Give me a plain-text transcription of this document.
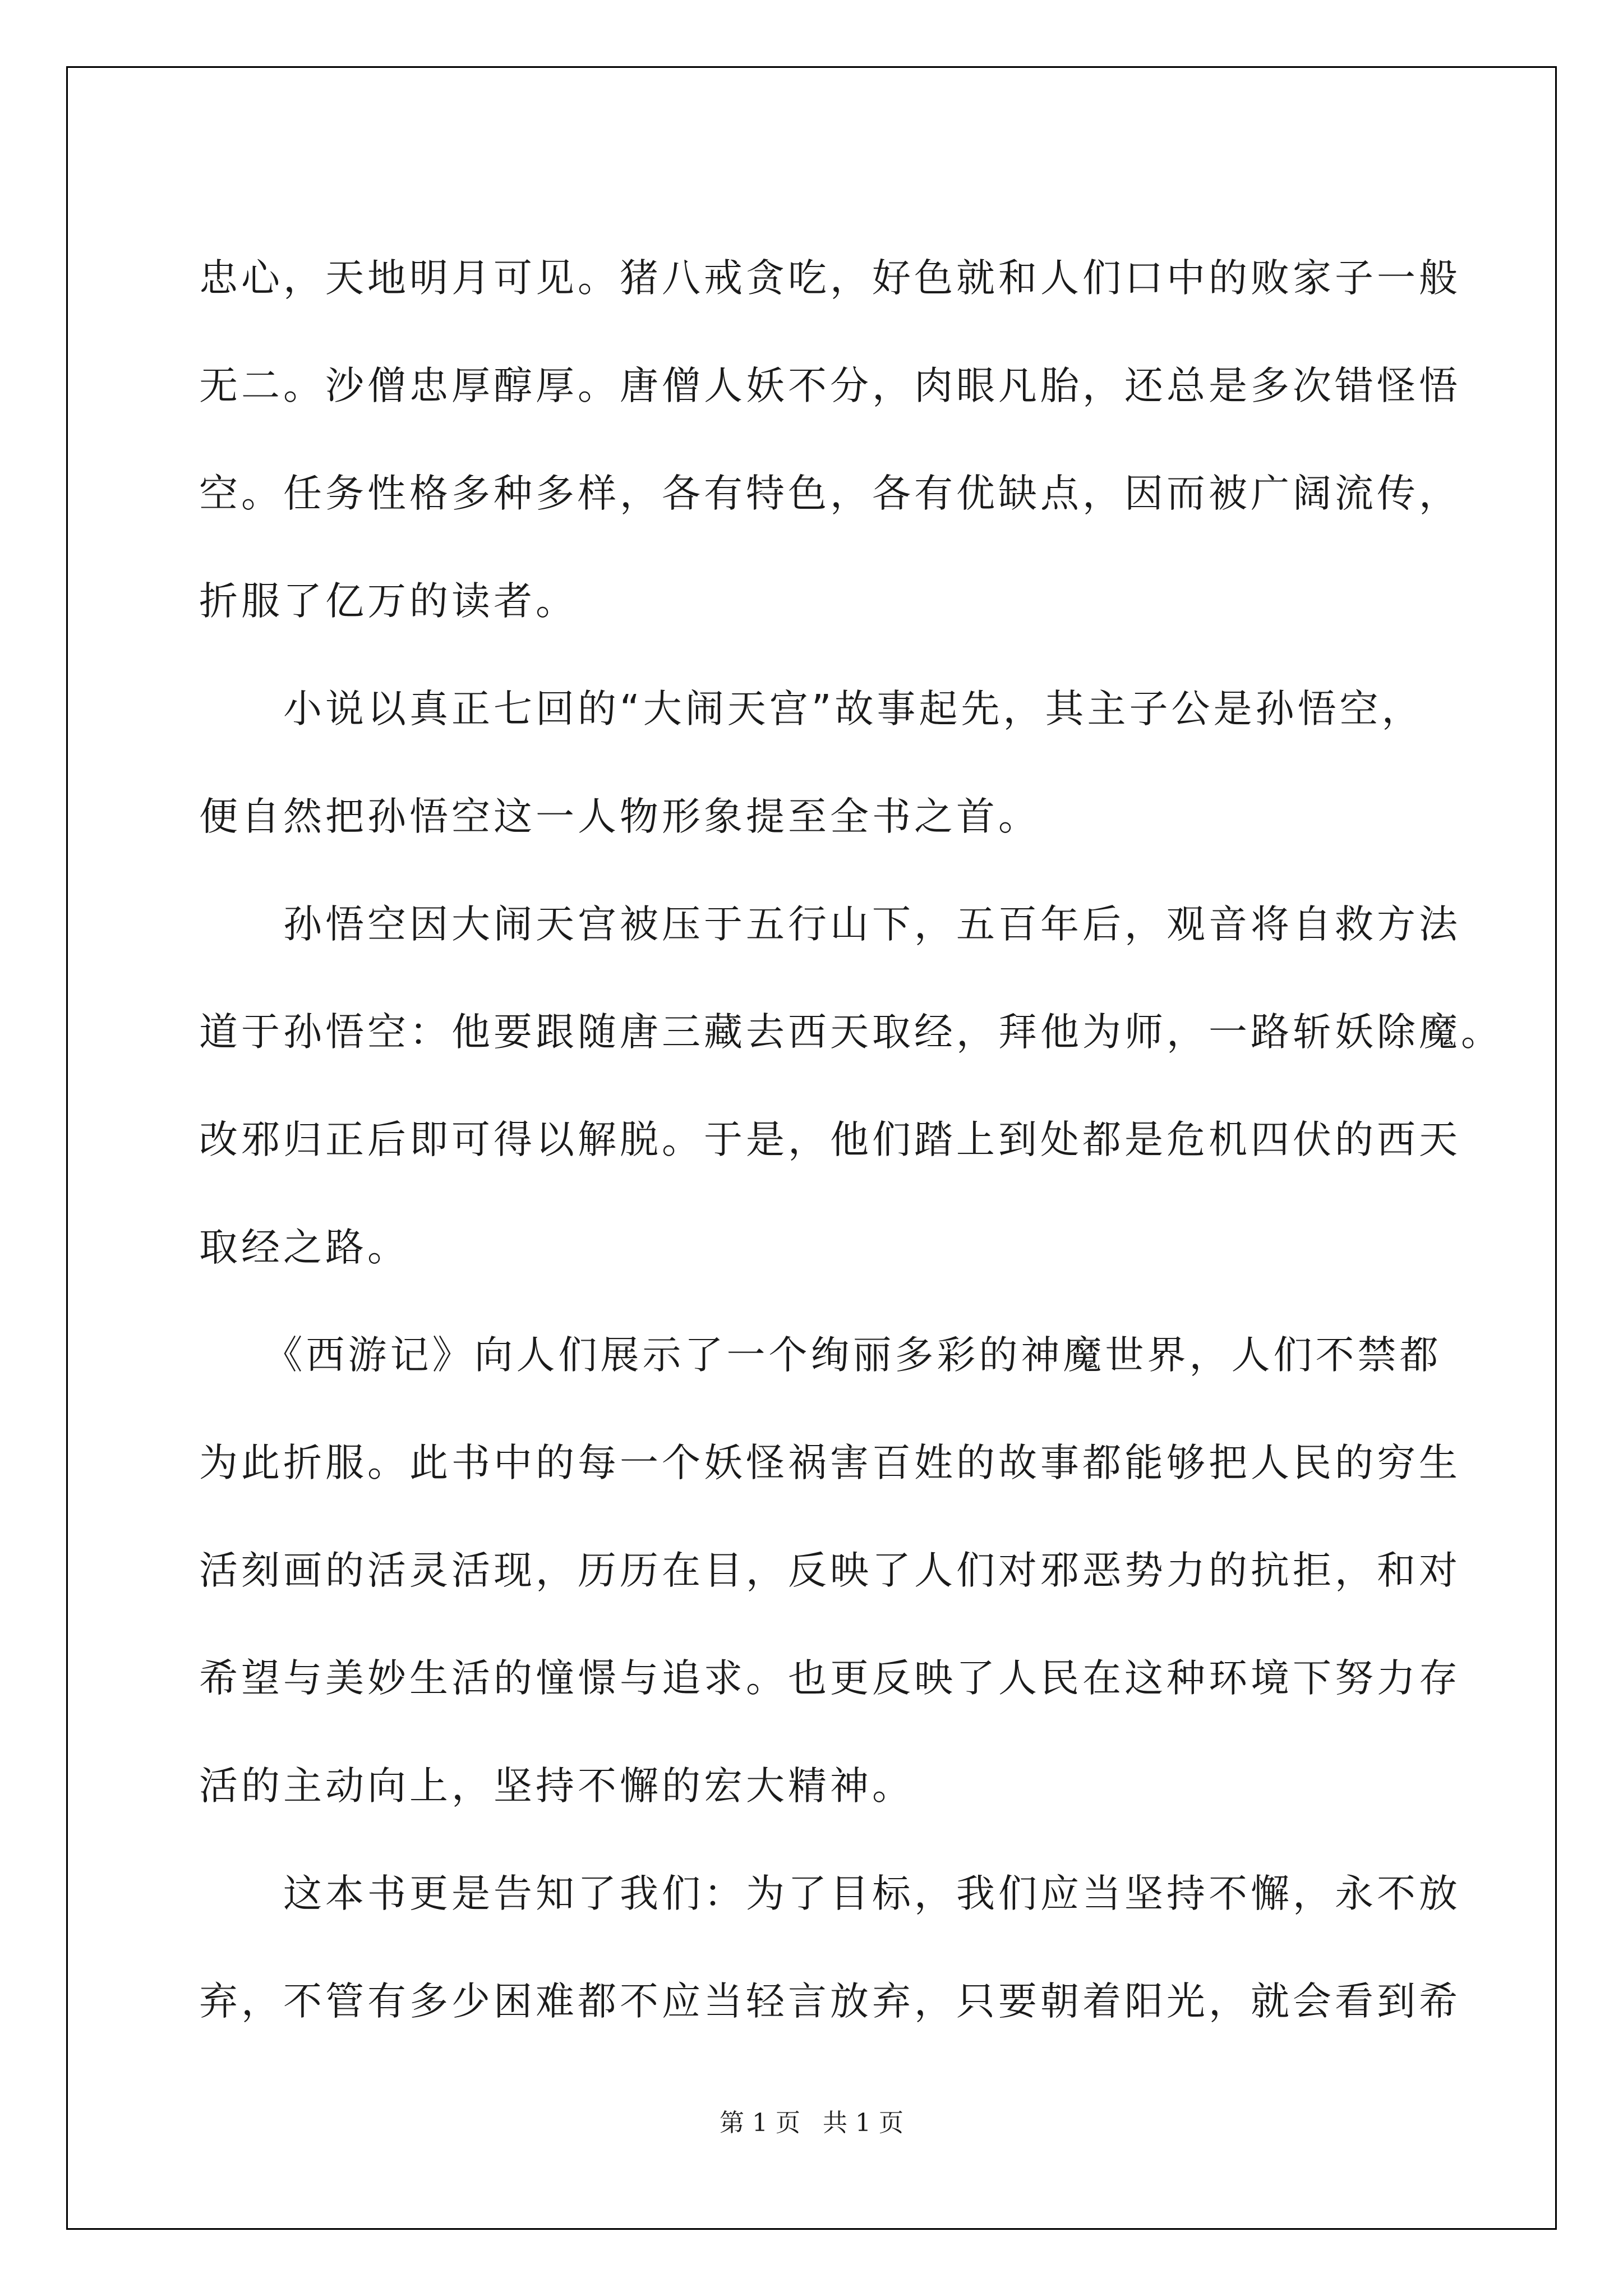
忠心，天地明月可见。猪八戒贪吃，好色就和人们口中的败家子一般
无二。沙僧忠厚醇厚。唐僧人妖不分，肉眼凡胎，还总是多次错怪悟
空。任务性格多种多样，各有特色，各有优缺点，因而被广阔流传，
折服了亿万的读者。

　　小说以真正七回的“大闹天宫”故事起先，其主子公是孙悟空，
便自然把孙悟空这一人物形象提至全书之首。

　　孙悟空因大闹天宫被压于五行山下，五百年后，观音将自救方法
道于孙悟空：他要跟随唐三藏去西天取经，拜他为师，一路斩妖除魔。
改邪归正后即可得以解脱。于是，他们踏上到处都是危机四伏的西天
取经之路。

　　《西游记》向人们展示了一个绚丽多彩的神魔世界，人们不禁都
为此折服。此书中的每一个妖怪祸害百姓的故事都能够把人民的穷生
活刻画的活灵活现，历历在目，反映了人们对邪恶势力的抗拒，和对
希望与美妙生活的憧憬与追求。也更反映了人民在这种环境下努力存
活的主动向上，坚持不懈的宏大精神。

　　这本书更是告知了我们：为了目标，我们应当坚持不懈，永不放
弃，不管有多少困难都不应当轻言放弃，只要朝着阳光，就会看到希

第 1 页 共 1 页
